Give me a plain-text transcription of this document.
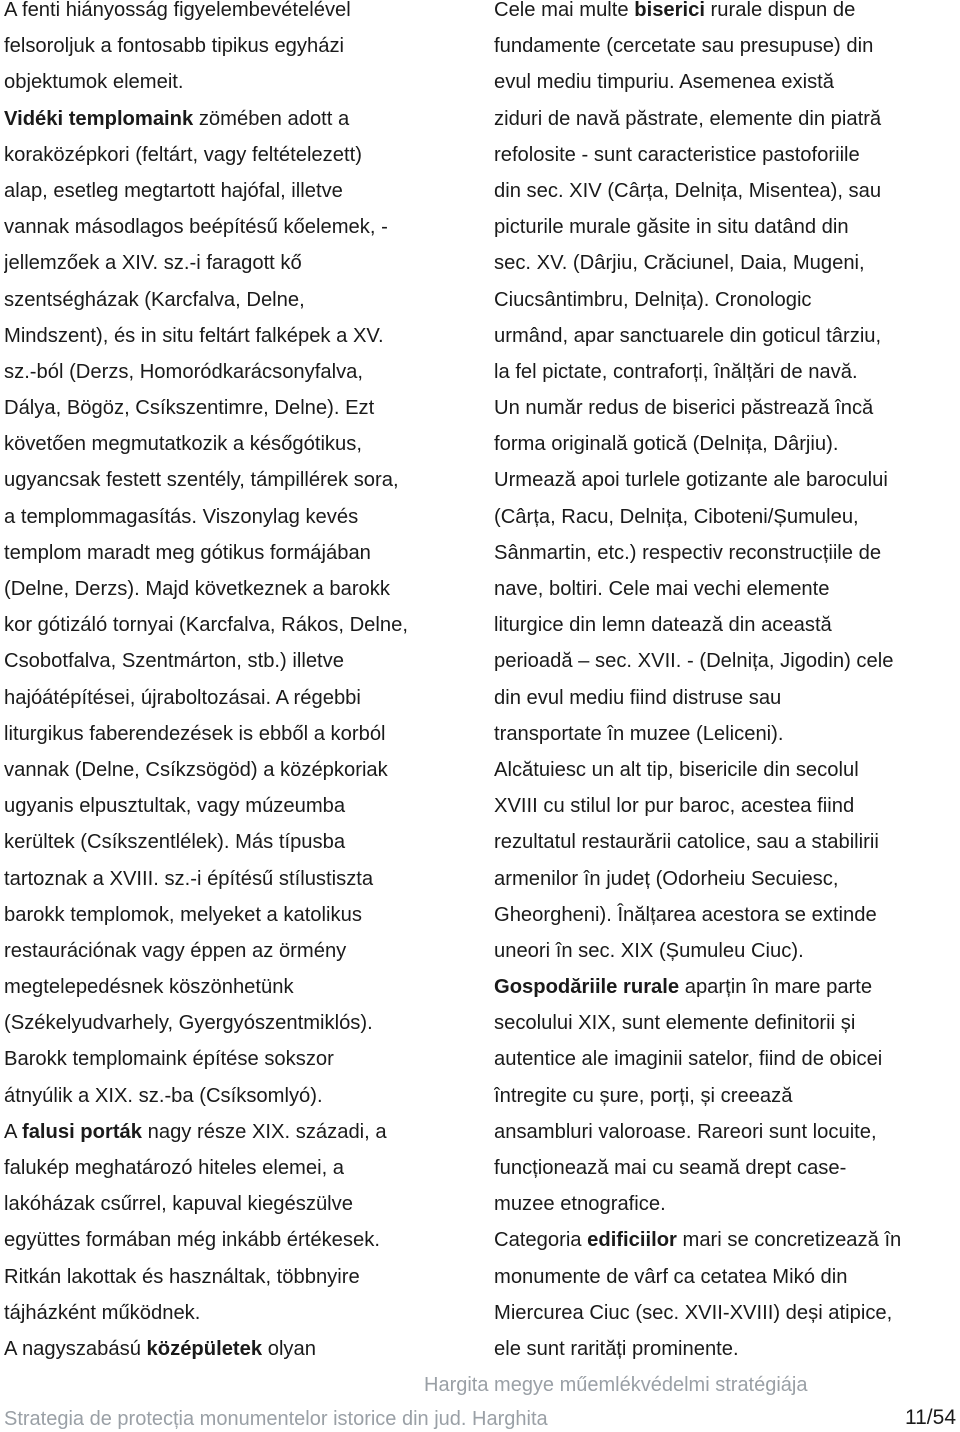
A fenti hiányosság figyelembevételével
felsoroljuk a fontosabb tipikus egyházi
objektumok elemeit.
Vidéki templomaink zömében adott a
koraközépkori (feltárt, vagy feltételezett)
alap, esetleg megtartott hajófal, illetve
vannak másodlagos beépítésű kőelemek, -
jellemzőek a XIV. sz.-i faragott kő
szentségházak (Karcfalva, Delne,
Mindszent), és in situ feltárt falképek a XV.
sz.-ból (Derzs, Homoródkarácsonyfalva,
Dálya, Bögöz, Csíkszentimre, Delne). Ezt
követően megmutatkozik a későgótikus,
ugyancsak festett szentély, támpillérek sora,
a templommagasítás. Viszonylag kevés
templom maradt meg gótikus formájában
(Delne, Derzs). Majd következnek a barokk
kor gótizáló tornyai (Karcfalva, Rákos, Delne,
Csobotfalva, Szentmárton, stb.) illetve
hajóátépítései, újraboltozásai. A régebbi
liturgikus faberendezések is ebből a korból
vannak (Delne, Csíkzsögöd) a középkoriak
ugyanis elpusztultak, vagy múzeumba
kerültek (Csíkszentlélek). Más típusba
tartoznak a XVIII. sz.-i építésű stílustiszta
barokk templomok, melyeket a katolikus
restaurációnak vagy éppen az örmény
megtelepedésnek köszönhetünk
(Székelyudvarhely, Gyergyószentmiklós).
Barokk templomaink építése sokszor
átnyúlik a XIX. sz.-ba (Csíksomlyó).
A falusi porták nagy része XIX. századi, a
falukép meghatározó hiteles elemei, a
lakóházak csűrrel, kapuval kiegészülve
együttes formában még inkább értékesek.
Ritkán lakottak és használtak, többnyire
tájházként működnek.
A nagyszabású középületek olyan
Cele mai multe biserici rurale dispun de
fundamente (cercetate sau presupuse) din
evul mediu timpuriu. Asemenea există
ziduri de navă păstrate, elemente din piatră
refolosite - sunt caracteristice pastoforiile
din sec. XIV (Cârța, Delnița, Misentea), sau
picturile murale găsite in situ datând din
sec. XV. (Dârjiu, Crăciunel, Daia, Mugeni,
Ciucsântimbru, Delnița). Cronologic
urmând, apar sanctuarele din goticul târziu,
la fel pictate, contraforți, înălțări de navă.
Un număr redus de biserici păstrează încă
forma originală gotică (Delnița, Dârjiu).
Urmează apoi turlele gotizante ale barocului
(Cârța, Racu, Delnița, Ciboteni/Șumuleu,
Sânmartin, etc.) respectiv reconstrucțiile de
nave, boltiri. Cele mai vechi elemente
liturgice din lemn datează din această
perioadă – sec. XVII. - (Delnița, Jigodin) cele
din evul mediu fiind distruse sau
transportate în muzee (Leliceni).
Alcătuiesc un alt tip, bisericile din secolul
XVIII cu stilul lor pur baroc, acestea fiind
rezultatul restaurării catolice, sau a stabilirii
armenilor în județ (Odorheiu Secuiesc,
Gheorgheni). Înălțarea acestora se extinde
uneori în sec. XIX (Șumuleu Ciuc).
Gospodăriile rurale aparțin în mare parte
secolului XIX, sunt elemente definitorii și
autentice ale imaginii satelor, fiind de obicei
întregite cu șure, porți, și creează
ansambluri valoroase. Rareori sunt locuite,
funcționează mai cu seamă drept case-
muzee etnografice.
Categoria edificiilor mari se concretizează în
monumente de vârf ca cetatea Mikó din
Miercurea Ciuc (sec. XVII-XVIII) deși atipice,
ele sunt rarități prominente.
Hargita megye műemlékvédelmi stratégiája
Strategia de protecția monumentelor istorice din jud. Harghita	11/54
